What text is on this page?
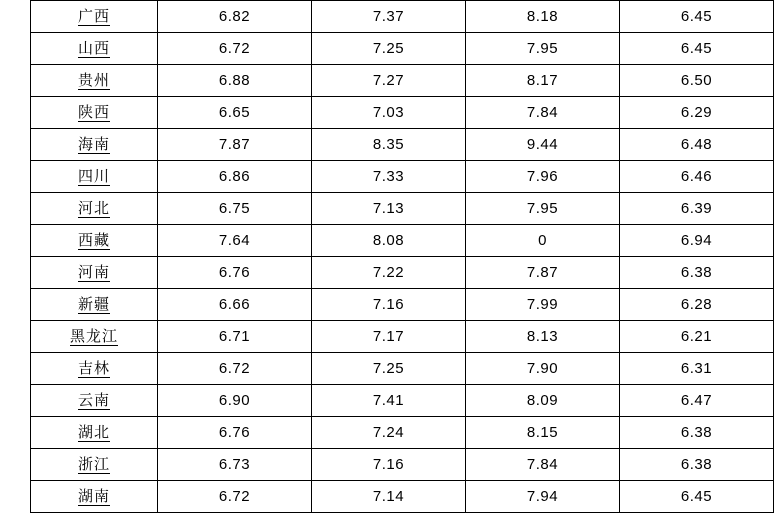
广西	6.82	7.37	8.18	6.45
山西	6.72	7.25	7.95	6.45
贵州	6.88	7.27	8.17	6.50
陕西	6.65	7.03	7.84	6.29
海南	7.87	8.35	9.44	6.48
四川	6.86	7.33	7.96	6.46
河北	6.75	7.13	7.95	6.39
西藏	7.64	8.08	0	6.94
河南	6.76	7.22	7.87	6.38
新疆	6.66	7.16	7.99	6.28
黑龙江	6.71	7.17	8.13	6.21
吉林	6.72	7.25	7.90	6.31
云南	6.90	7.41	8.09	6.47
湖北	6.76	7.24	8.15	6.38
浙江	6.73	7.16	7.84	6.38
湖南	6.72	7.14	7.94	6.45
